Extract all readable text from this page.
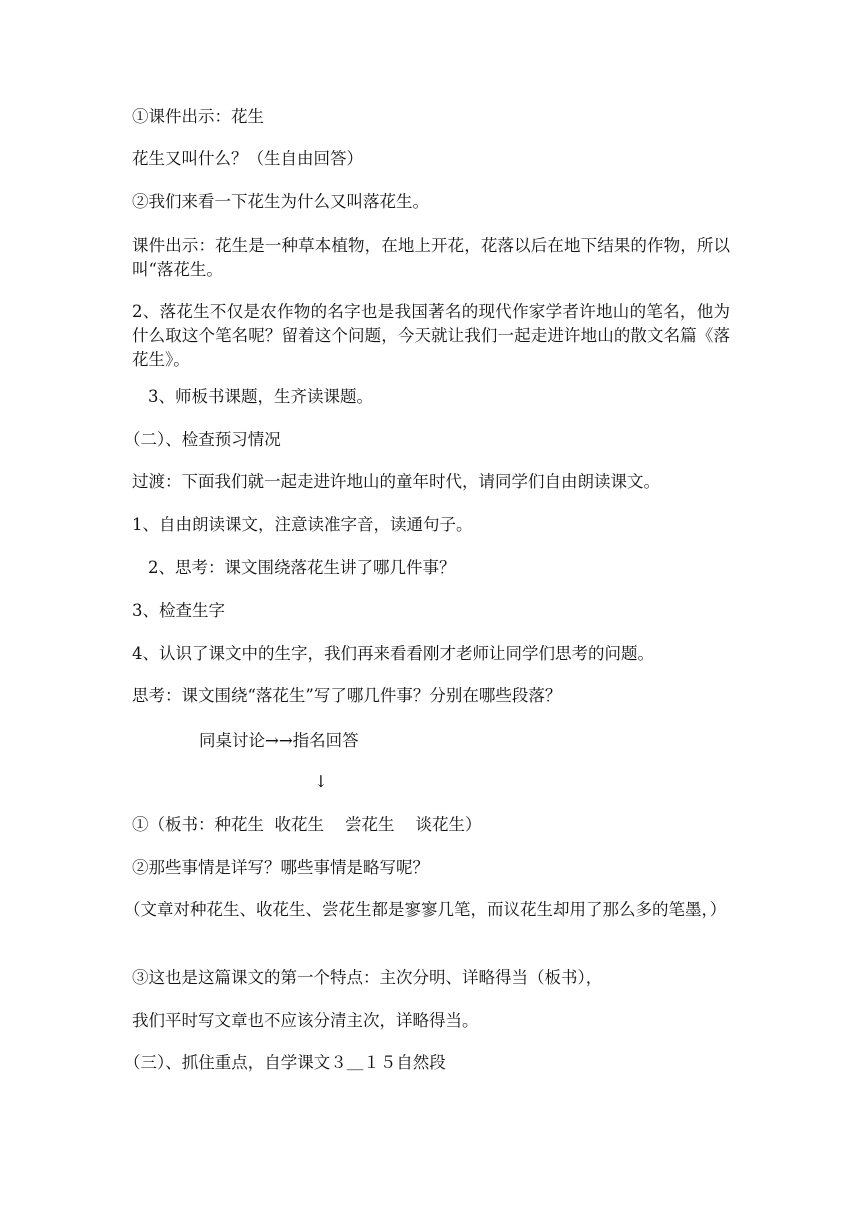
①课件出示：花生
花生又叫什么？（生自由回答）
②我们来看一下花生为什么又叫落花生。
课件出示：花生是一种草本植物，在地上开花，花落以后在地下结果的作物，所以叫“落花生。
2、落花生不仅是农作物的名字也是我国著名的现代作家学者许地山的笔名，他为什么取这个笔名呢？留着这个问题，今天就让我们一起走进许地山的散文名篇《落花生》。
3、师板书课题，生齐读课题。
（二）、检查预习情况
过渡：下面我们就一起走进许地山的童年时代，请同学们自由朗读课文。
1、自由朗读课文，注意读准字音，读通句子。
2、思考：课文围绕落花生讲了哪几件事？
3、检查生字
4、认识了课文中的生字，我们再来看看刚才老师让同学们思考的问题。
思考：课文围绕“落花生”写了哪几件事？分别在哪些段落？
同桌讨论→→指名回答
↓
①（板书：种花生  收花生    尝花生    谈花生）
②那些事情是详写？哪些事情是略写呢？
（文章对种花生、收花生、尝花生都是寥寥几笔，而议花生却用了那么多的笔墨，）
③这也是这篇课文的第一个特点：主次分明、详略得当（板书），
我们平时写文章也不应该分清主次，详略得当。
（三）、抓住重点，自学课文３＿１５自然段
